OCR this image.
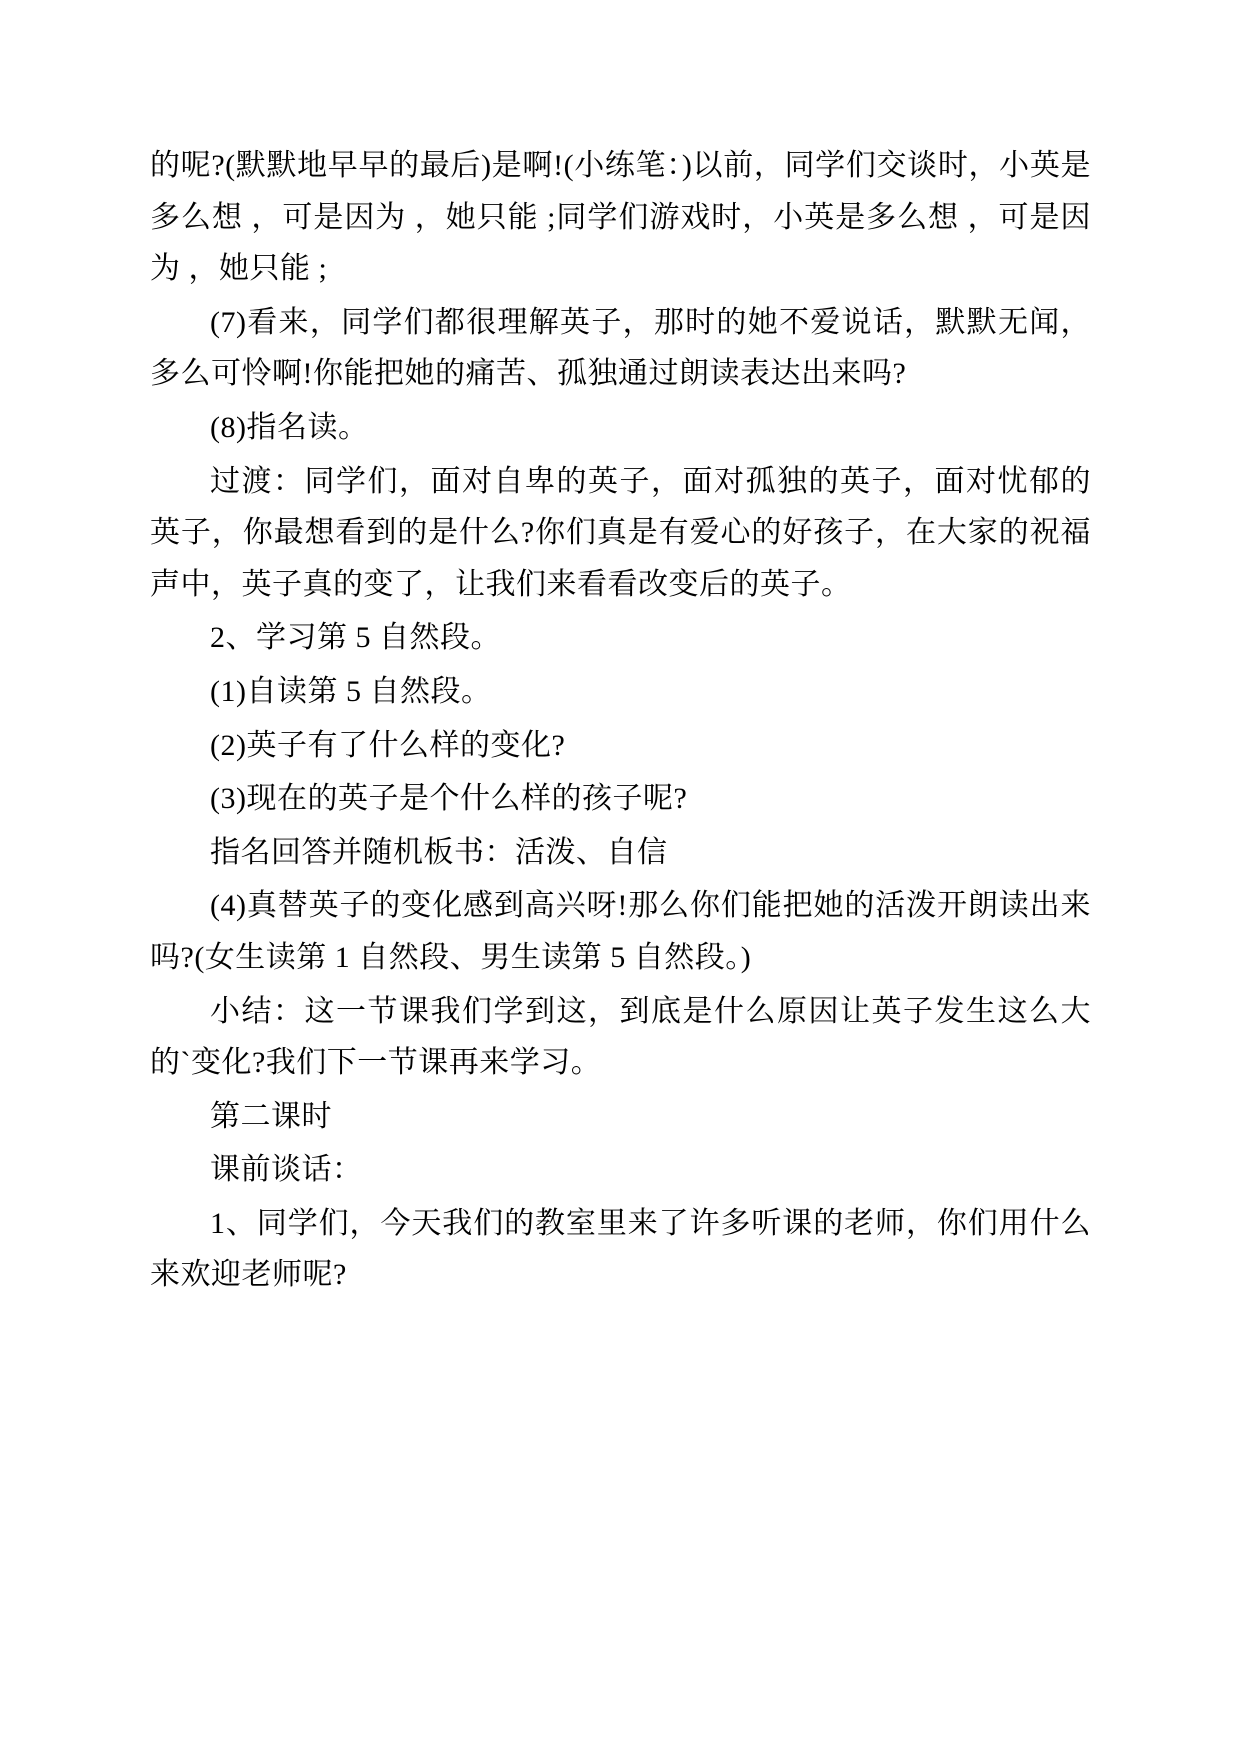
的呢?(默默地早早的最后)是啊!(小练笔：)以前，同学们交谈时，小英是多么想 ，可是因为 ，她只能 ;同学们游戏时，小英是多么想 ，可是因为 ，她只能 ;

(7)看来，同学们都很理解英子，那时的她不爱说话，默默无闻，多么可怜啊!你能把她的痛苦、孤独通过朗读表达出来吗?

(8)指名读。

过渡：同学们，面对自卑的英子，面对孤独的英子，面对忧郁的英子，你最想看到的是什么?你们真是有爱心的好孩子，在大家的祝福声中，英子真的变了，让我们来看看改变后的英子。

2、学习第 5 自然段。

(1)自读第 5 自然段。

(2)英子有了什么样的变化?

(3)现在的英子是个什么样的孩子呢?

指名回答并随机板书：活泼、自信

(4)真替英子的变化感到高兴呀!那么你们能把她的活泼开朗读出来吗?(女生读第 1 自然段、男生读第 5 自然段。)

小结：这一节课我们学到这，到底是什么原因让英子发生这么大的`变化?我们下一节课再来学习。

第二课时

课前谈话：

1、同学们，今天我们的教室里来了许多听课的老师，你们用什么来欢迎老师呢?
